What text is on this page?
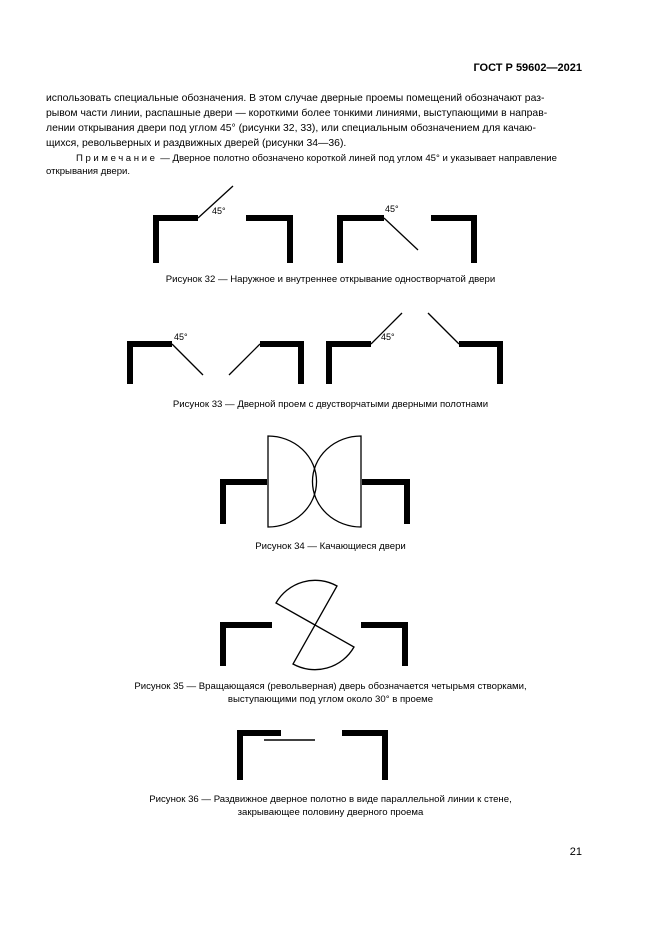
ГОСТ Р 59602—2021

использовать специальные обозначения. В этом случае дверные проемы помещений обозначают раз-

рывом части линии, распашные двери — короткими более тонкими линиями, выступающими в направ-

лении открывания двери под углом 45° (рисунки 32, 33), или специальным обозначением для качаю-

щихся, револьверных и раздвижных дверей (рисунки 34—36).

Примечание — Дверное полотно обозначено короткой линей под углом 45° и указывает направление

открывания двери.

45°	45°
45°	45°

Рисунок 32 — Наружное и внутреннее открывание одностворчатой двери

Рисунок 33 — Дверной проем с двустворчатыми дверными полотнами

Рисунок 34 — Качающиеся двери

Рисунок 35 — Вращающаяся (револьверная) дверь обозначается четырьмя створками,

выступающими под углом около 30° в проеме

Рисунок 36 — Раздвижное дверное полотно в виде параллельной линии к стене,

закрывающее половину дверного проема

21
